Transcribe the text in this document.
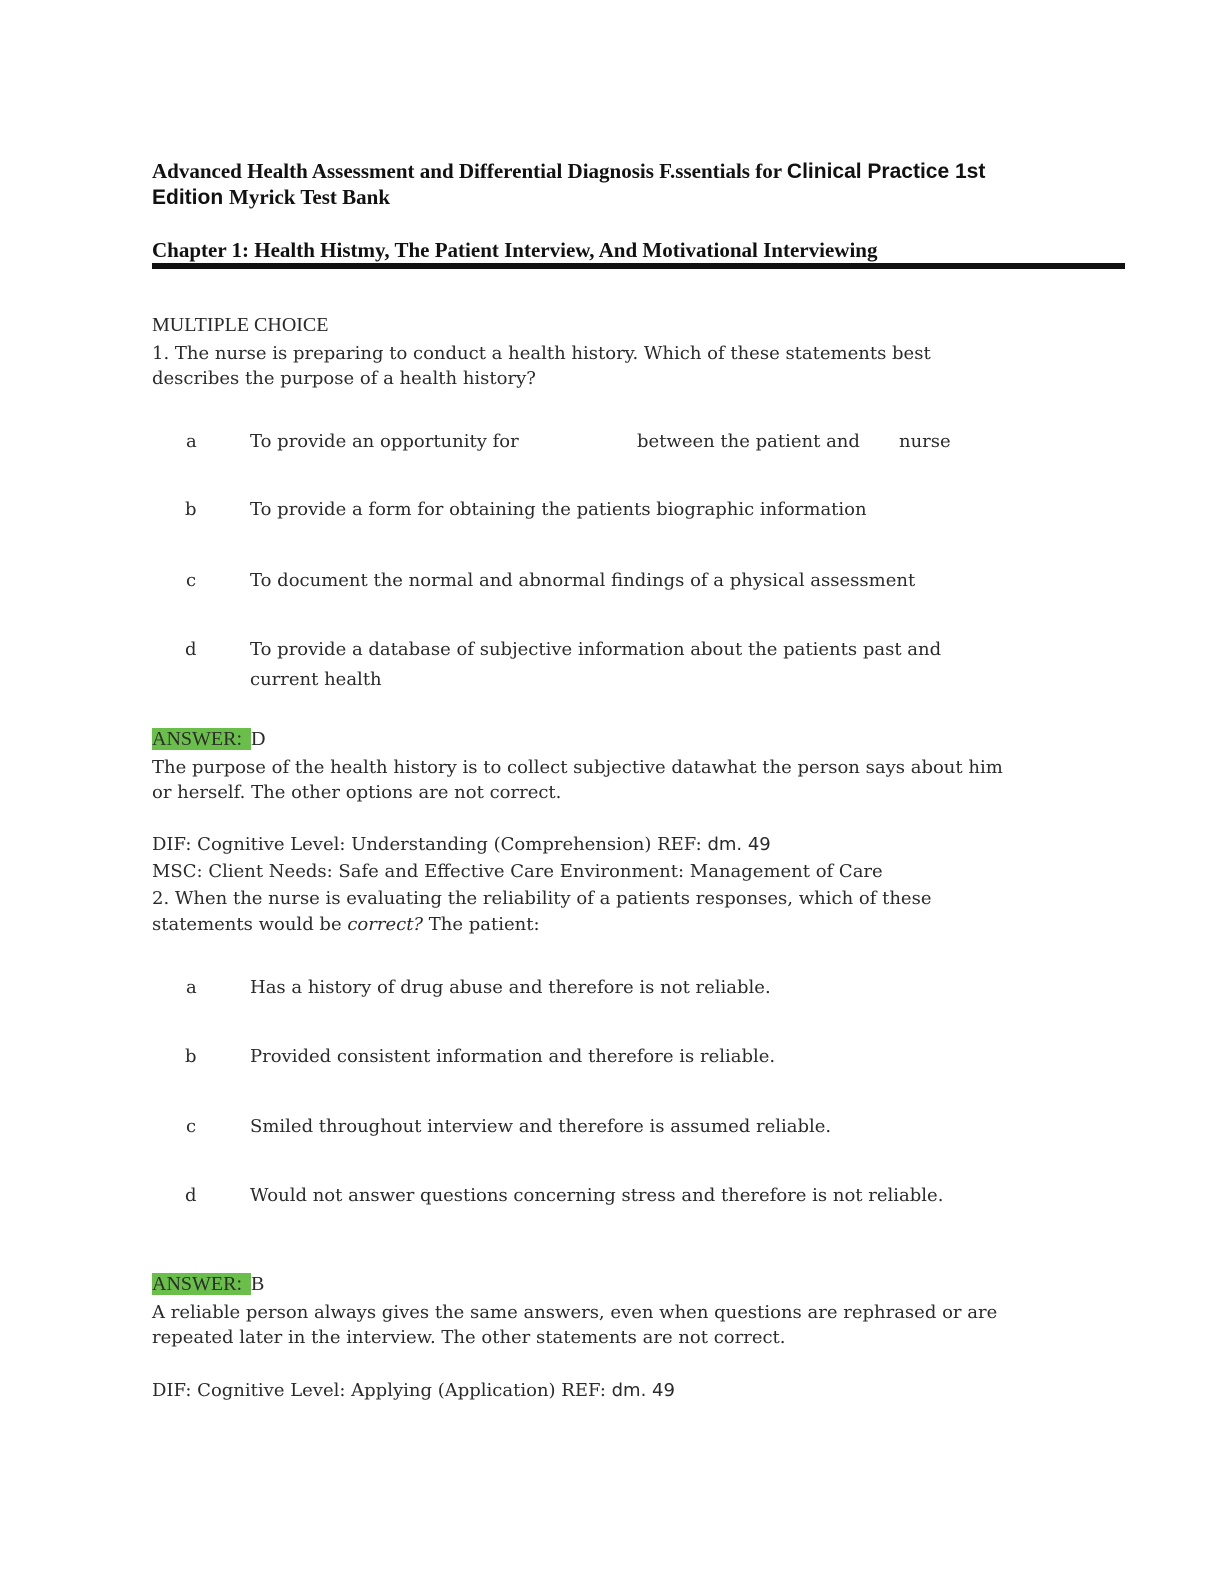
Advanced Health Assessment and Differential Diagnosis F.ssentials for Clinical Practice 1st
Edition Myrick Test Bank
Chapter 1: Health Histmy, The Patient Interview, And Motivational Interviewing
MULTIPLE CHOICE
1. The nurse is preparing to conduct a health history. Which of these statements best
describes the purpose of a health history?
a	To provide an opportunity for	between the patient and nurse
b	To provide a form for obtaining the patients biographic information
c	To document the normal and abnormal findings of a physical assessment
d	To provide a database of subjective information about the patients past and
current health
ANSWER: D
The purpose of the health history is to collect subjective datawhat the person says about him
or herself. The other options are not correct.
DIF: Cognitive Level: Understanding (Comprehension) REF: dm. 49
MSC: Client Needs: Safe and Effective Care Environment: Management of Care
2. When the nurse is evaluating the reliability of a patients responses, which of these
statements would be correct? The patient:
a	Has a history of drug abuse and therefore is not reliable.
b	Provided consistent information and therefore is reliable.
c	Smiled throughout interview and therefore is assumed reliable.
d	Would not answer questions concerning stress and therefore is not reliable.
ANSWER: B
A reliable person always gives the same answers, even when questions are rephrased or are
repeated later in the interview. The other statements are not correct.
DIF: Cognitive Level: Applying (Application) REF: dm. 49
